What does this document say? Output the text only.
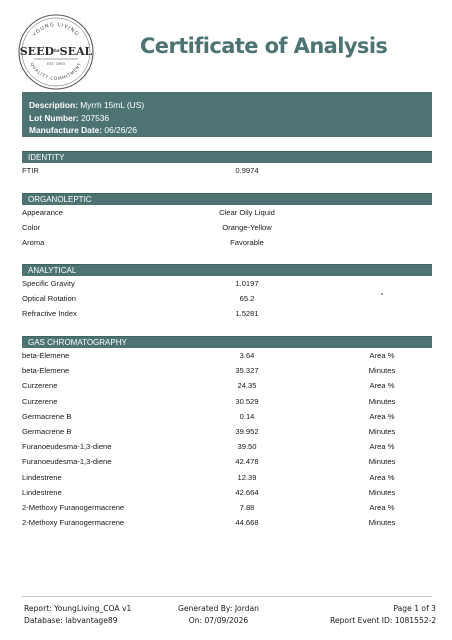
YOUNG LIVING
QUALITY COMMITMENT
$SEED^{to}SEAL$
EST. 1993
Certificate of Analysis
Description: Myrrh 15mL (US)
Lot Number: 207536
Manufacture Date: 06/26/26
IDENTITY
FTIR	0.9974
ORGANOLEPTIC
Appearance	Clear Oily Liquid
Color	Orange-Yellow
Aroma	Favorable
ANALYTICAL
Specific Gravity	1.0197
Optical Rotation	65.2	°
Refractive Index	1.5281
GAS CHROMATOGRAPHY
beta-Elemene	3.64	Area %
beta-Elemene	35.327	Minutes
Curzerene	24.35	Area %
Curzerene	30.529	Minutes
Germacrene B	0.14	Area %
Germacrene B	39.952	Minutes
Furanoeudesma-1,3-diene	39.50	Area %
Furanoeudesma-1,3-diene	42.478	Minutes
Lindestrene	12.39	Area %
Lindestrene	42.664	Minutes
2-Methoxy Furanogermacrene	7.88	Area %
2-Methoxy Furanogermacrene	44.668	Minutes
Report: YoungLiving_COA v1
Database: labvantage89
Generated By: Jordan
On: 07/09/2026
Page 1 of 3
Report Event ID: 1081552-2
